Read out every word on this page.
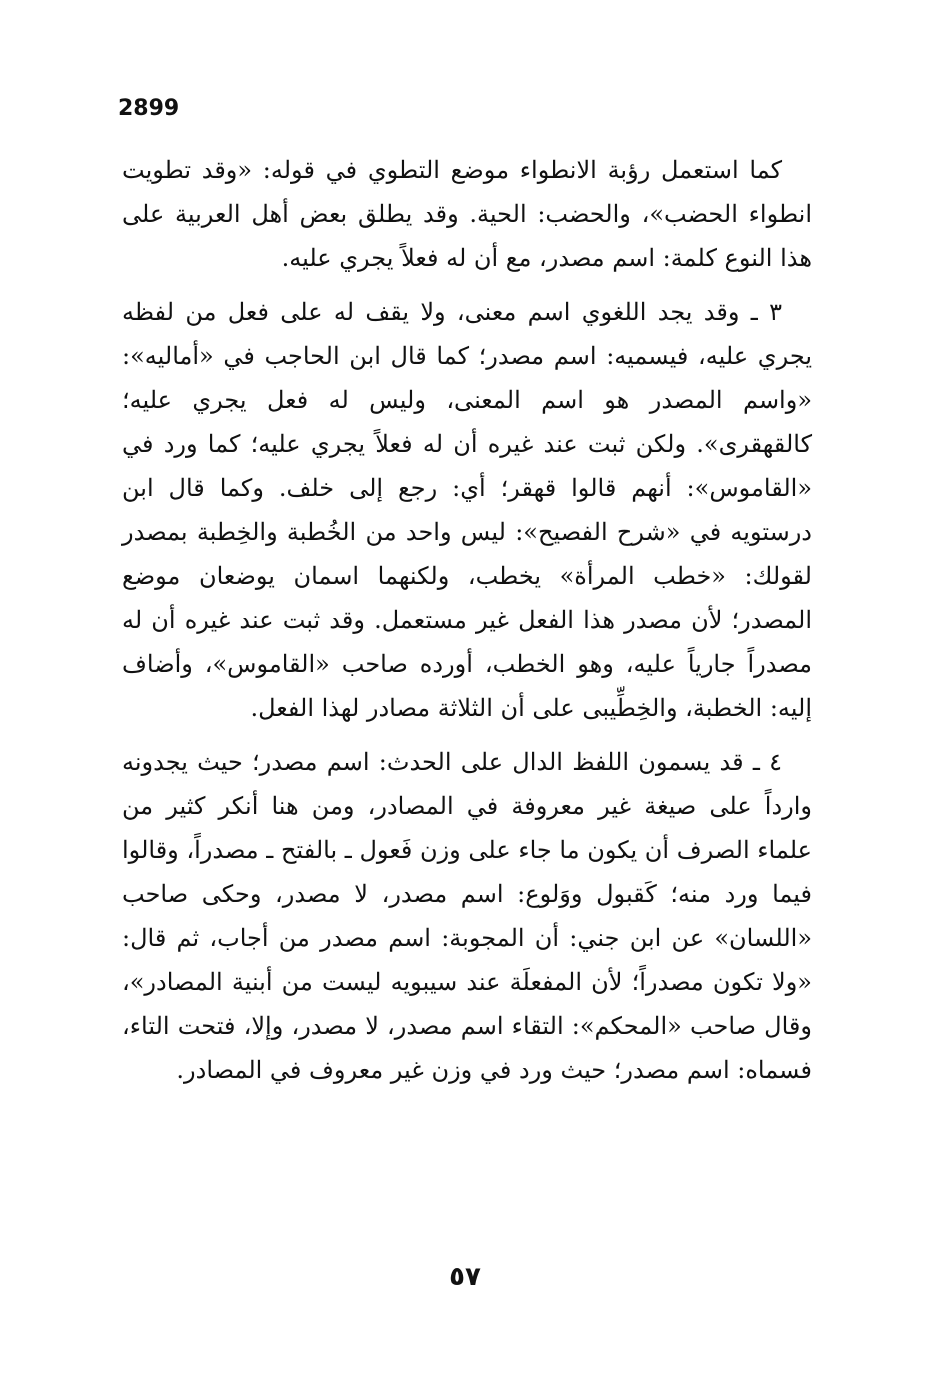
2899

كما استعمل رؤبة الانطواء موضع التطوي في قوله: «وقد تطويت انطواء الحضب»، والحضب: الحية. وقد يطلق بعض أهل العربية على هذا النوع كلمة: اسم مصدر، مع أن له فعلاً يجري عليه.

٣ ـ وقد يجد اللغوي اسم معنى، ولا يقف له على فعل من لفظه يجري عليه، فيسميه: اسم مصدر؛ كما قال ابن الحاجب في «أماليه»: «واسم المصدر هو اسم المعنى، وليس له فعل يجري عليه؛ كالقهقرى». ولكن ثبت عند غيره أن له فعلاً يجري عليه؛ كما ورد في «القاموس»: أنهم قالوا قهقر؛ أي: رجع إلى خلف. وكما قال ابن درستويه في «شرح الفصيح»: ليس واحد من الخُطبة والخِطبة بمصدر لقولك: «خطب المرأة» يخطب، ولكنهما اسمان يوضعان موضع المصدر؛ لأن مصدر هذا الفعل غير مستعمل. وقد ثبت عند غيره أن له مصدراً جارياً عليه، وهو الخطب، أورده صاحب «القاموس»، وأضاف إليه: الخطبة، والخِطِّيبى على أن الثلاثة مصادر لهذا الفعل.

٤ ـ قد يسمون اللفظ الدال على الحدث: اسم مصدر؛ حيث يجدونه وارداً على صيغة غير معروفة في المصادر، ومن هنا أنكر كثير من علماء الصرف أن يكون ما جاء على وزن فَعول ـ بالفتح ـ مصدراً، وقالوا فيما ورد منه؛ كَقبول ووَلوع: اسم مصدر، لا مصدر، وحكى صاحب «اللسان» عن ابن جني: أن المجوبة: اسم مصدر من أجاب، ثم قال: «ولا تكون مصدراً؛ لأن المفعلَة عند سيبويه ليست من أبنية المصادر»، وقال صاحب «المحكم»: التقاء اسم مصدر، لا مصدر، وإلا، فتحت التاء، فسماه: اسم مصدر؛ حيث ورد في وزن غير معروف في المصادر.

٥٧
